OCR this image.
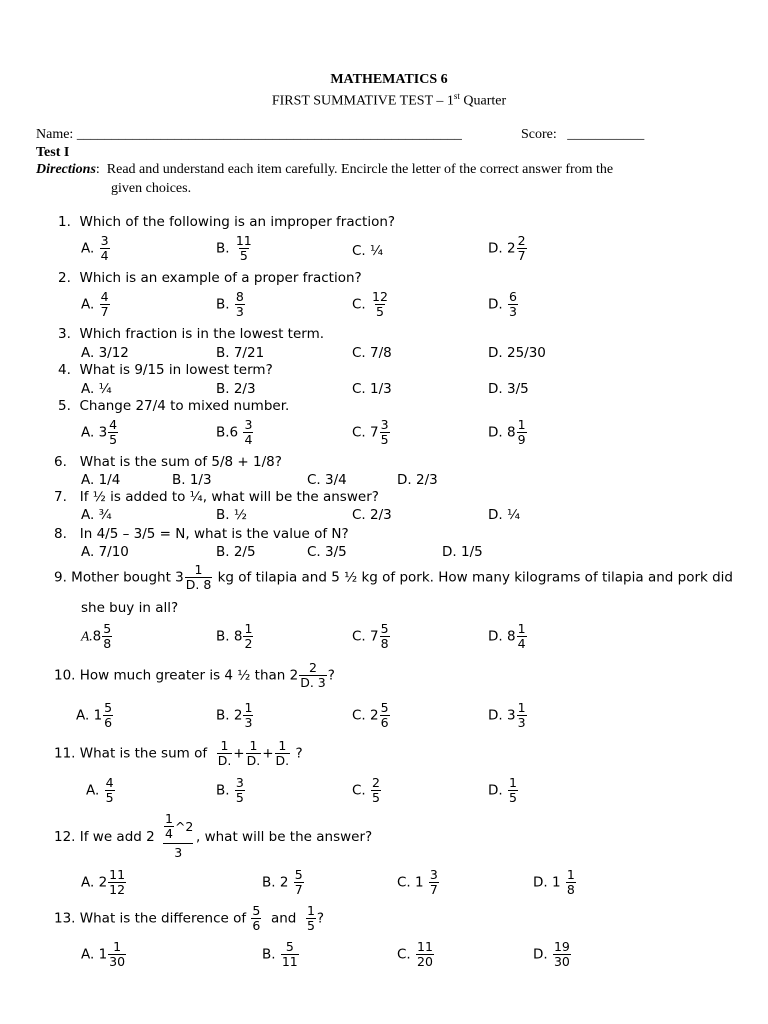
MATHEMATICS 6
FIRST SUMMATIVE TEST – 1st Quarter
Name: _______________________________________________________	Score: ___________
Test I
Directions:  Read and understand each item carefully. Encircle the letter of the correct answer from the
given choices.
1. Which of the following is an improper fraction?
A. $\frac{3}{4}$	B. $\frac{11}{5}$	C. ¼	D. $2 \frac{2}{7}$
2. Which is an example of a proper fraction?
A. $\frac{4}{7}$	B. $\frac{8}{3}$	C. $\frac{12}{5}$	D. $\frac{6}{3}$
3. Which fraction is in the lowest term.
A. 3/12	B. 7/21	C. 7/8	D. 25/30
4. What is 9/15 in lowest term?
A. ¼	B. 2/3	C. 1/3	D. 3/5
5. Change 27/4 to mixed number.
A. $3 \frac{4}{5}$	$B.6 \frac{3}{4}$	C. $7 \frac{3}{5}$	D. $8 \frac{1}{9}$
6. What is the sum of 5/8 + 1/8?
A. 1/4	B. 1/3	C. 3/4	D. 2/3
7. If ½ is added to ¼, what will be the answer?
A. ¾	B. ½	C. 2/3	D. ¼
8. In 4/5 – 3/5 = N, what is the value of N?
A. 7/10	B. 2/5	C. 3/5	D. 1/5
9. Mother bought $3 \frac{1}{D. 8}$ kg of tilapia and 5 ½ kg of pork. How many kilograms of tilapia and pork did
she buy in all?
$A.8 \frac{5}{8}$	B. $8 \frac{1}{2}$	C. $7 \frac{5}{8}$	D. $8 \frac{1}{4}$
10. How much greater is 4 ½ than $2 \frac{2}{D. 3}$ ?
A. $1 \frac{5}{6}$	B. $2 \frac{1}{3}$	C. $2 \frac{5}{6}$	D. $3 \frac{1}{3}$
11. What is the sum of $\frac{1}{D.} + \frac{1}{D.} + \frac{1}{D.}$ ?
A. $\frac{4}{5}$	B. $\frac{3}{5}$	C. $\frac{2}{5}$	D. $\frac{1}{5}$
12. If we add $2 \frac{1}{4}$ ^2
3
, what will be the answer?
A. $2 \frac{11}{12}$	B. $2 \frac{5}{7}$	C. $1 \frac{3}{7}$	D. $1 \frac{1}{8}$
13. What is the difference of $\frac{5}{6}$ and $\frac{1}{5}$ ?
A. $1 \frac{1}{30}$	B. $\frac{5}{11}$	C. $\frac{11}{20}$	D. $\frac{19}{30}$
